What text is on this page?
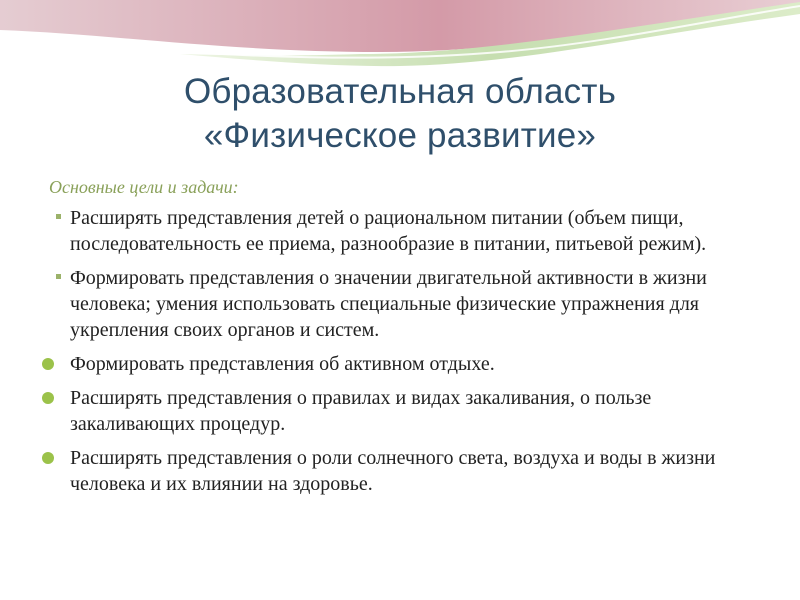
Образовательная область
«Физическое развитие»
Основные цели и задачи:
Расширять представления детей о рациональном питании (объем пищи, последовательность ее приема, разнообразие в питании, питьевой режим).
Формировать представления о значении двигательной активности в жизни человека; умения использовать специальные физические упражнения для укрепления своих органов и систем.
Формировать представления об активном отдыхе.
Расширять представления о правилах и видах закаливания, о пользе закаливающих процедур.
Расширять представления о роли солнечного света, воздуха и воды в жизни человека и их влиянии на здоровье.
